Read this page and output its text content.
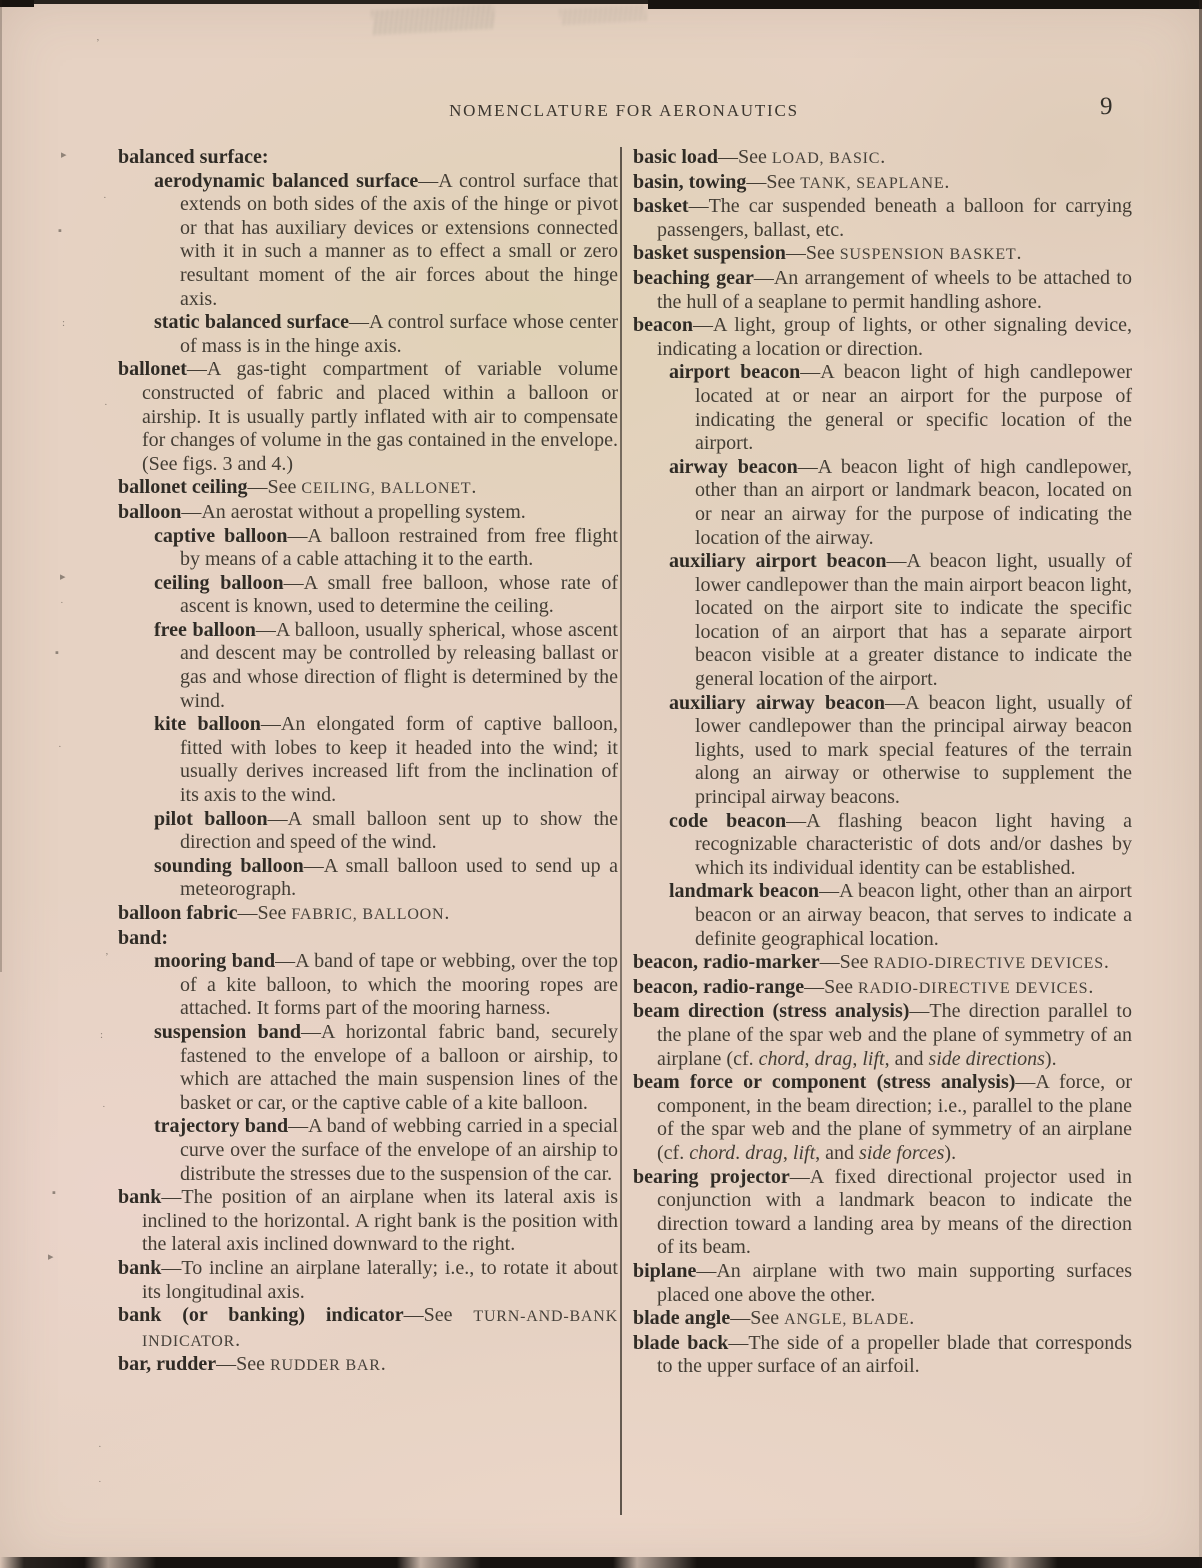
’
▸
▪
·
:
·
▸
˙
▪
·
ʼ
:
˙
▪
▸
·
˙
NOMENCLATURE FOR AERONAUTICS	9
balanced surface:
aerodynamic balanced surface—A control surface that extends on both sides of the axis of the hinge or pivot or that has auxiliary devices or extensions connected with it in such a manner as to effect a small or zero resultant moment of the air forces about the hinge axis.
static balanced surface—A control surface whose center of mass is in the hinge axis.
ballonet—A gas-tight compartment of variable volume constructed of fabric and placed within a balloon or airship. It is usually partly inflated with air to compensate for changes of volume in the gas contained in the envelope. (See figs. 3 and 4.)
ballonet ceiling—See CEILING, BALLONET.
balloon—An aerostat without a propelling system.
captive balloon—A balloon restrained from free flight by means of a cable attaching it to the earth.
ceiling balloon—A small free balloon, whose rate of ascent is known, used to determine the ceiling.
free balloon—A balloon, usually spherical, whose ascent and descent may be controlled by releasing ballast or gas and whose direction of flight is determined by the wind.
kite balloon—An elongated form of captive balloon, fitted with lobes to keep it headed into the wind; it usually derives increased lift from the inclination of its axis to the wind.
pilot balloon—A small balloon sent up to show the direction and speed of the wind.
sounding balloon—A small balloon used to send up a meteorograph.
balloon fabric—See FABRIC, BALLOON.
band:
mooring band—A band of tape or webbing, over the top of a kite balloon, to which the mooring ropes are attached. It forms part of the mooring harness.
suspension band—A horizontal fabric band, securely fastened to the envelope of a balloon or airship, to which are attached the main suspension lines of the basket or car, or the captive cable of a kite balloon.
trajectory band—A band of webbing carried in a special curve over the surface of the envelope of an airship to distribute the stresses due to the suspension of the car.
bank—The position of an airplane when its lateral axis is inclined to the horizontal. A right bank is the position with the lateral axis inclined downward to the right.
bank—To incline an airplane laterally; i.e., to rotate it about its longitudinal axis.
bank (or banking) indicator—See TURN-AND-BANK INDICATOR.
bar, rudder—See RUDDER BAR.
basic load—See LOAD, BASIC.
basin, towing—See TANK, SEAPLANE.
basket—The car suspended beneath a balloon for carrying passengers, ballast, etc.
basket suspension—See SUSPENSION BASKET.
beaching gear—An arrangement of wheels to be attached to the hull of a seaplane to permit handling ashore.
beacon—A light, group of lights, or other signaling device, indicating a location or direction.
airport beacon—A beacon light of high candlepower located at or near an airport for the purpose of indicating the general or specific location of the airport.
airway beacon—A beacon light of high candlepower, other than an airport or landmark beacon, located on or near an airway for the purpose of indicating the location of the airway.
auxiliary airport beacon—A beacon light, usually of lower candlepower than the main airport beacon light, located on the airport site to indicate the specific location of an airport that has a separate airport beacon visible at a greater distance to indicate the general location of the airport.
auxiliary airway beacon—A beacon light, usually of lower candlepower than the principal airway beacon lights, used to mark special features of the terrain along an airway or otherwise to supplement the principal airway beacons.
code beacon—A flashing beacon light having a recognizable characteristic of dots and/or dashes by which its individual identity can be established.
landmark beacon—A beacon light, other than an airport beacon or an airway beacon, that serves to indicate a definite geographical location.
beacon, radio-marker—See RADIO-DIRECTIVE DEVICES.
beacon, radio-range—See RADIO-DIRECTIVE DEVICES.
beam direction (stress analysis)—The direction parallel to the plane of the spar web and the plane of symmetry of an airplane (cf. chord, drag, lift, and side directions).
beam force or component (stress analysis)—A force, or component, in the beam direction; i.e., parallel to the plane of the spar web and the plane of symmetry of an airplane (cf. chord. drag, lift, and side forces).
bearing projector—A fixed directional projector used in conjunction with a landmark beacon to indicate the direction toward a landing area by means of the direction of its beam.
biplane—An airplane with two main supporting surfaces placed one above the other.
blade angle—See ANGLE, BLADE.
blade back—The side of a propeller blade that corresponds to the upper surface of an airfoil.
